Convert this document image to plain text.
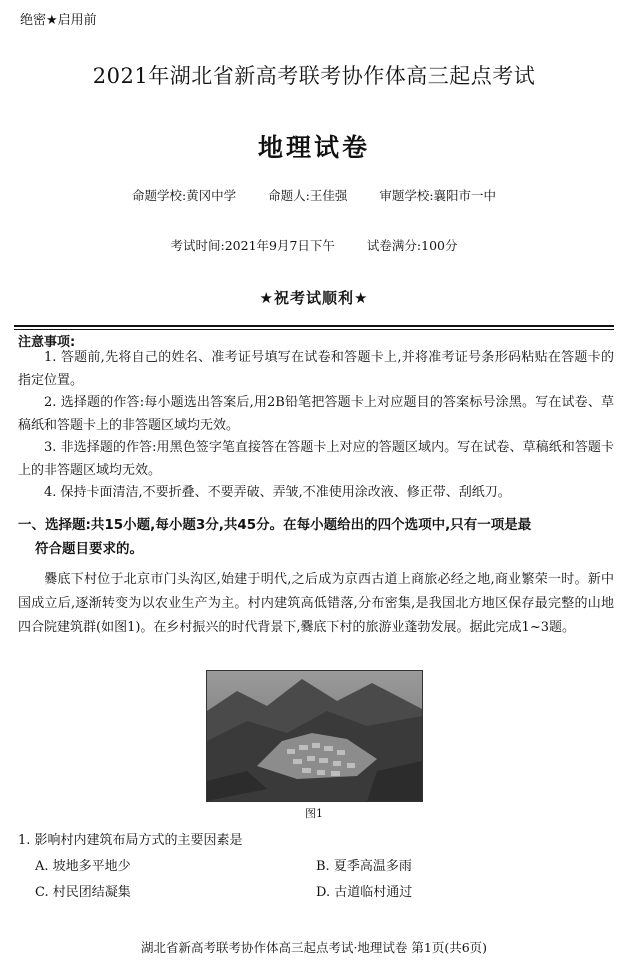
绝密★启用前
2021年湖北省新高考联考协作体高三起点考试
地理试卷
命题学校:黄冈中学	命题人:王佳强	审题学校:襄阳市一中
考试时间:2021年9月7日下午	试卷满分:100分
★祝考试顺利★
注意事项:
1. 答题前,先将自己的姓名、准考证号填写在试卷和答题卡上,并将准考证号条形码粘贴在答题卡的指定位置。
2. 选择题的作答:每小题选出答案后,用2B铅笔把答题卡上对应题目的答案标号涂黑。写在试卷、草稿纸和答题卡上的非答题区域均无效。
3. 非选择题的作答:用黑色签字笔直接答在答题卡上对应的答题区域内。写在试卷、草稿纸和答题卡上的非答题区域均无效。
4. 保持卡面清洁,不要折叠、不要弄破、弄皱,不准使用涂改液、修正带、刮纸刀。
一、选择题:共15小题,每小题3分,共45分。在每小题给出的四个选项中,只有一项是最
符合题目要求的。
爨底下村位于北京市门头沟区,始建于明代,之后成为京西古道上商旅必经之地,商业繁荣一时。新中国成立后,逐渐转变为以农业生产为主。村内建筑高低错落,分布密集,是我国北方地区保存最完整的山地四合院建筑群(如图1)。在乡村振兴的时代背景下,爨底下村的旅游业蓬勃发展。据此完成1~3题。
图1
1. 影响村内建筑布局方式的主要因素是
A. 坡地多平地少	B. 夏季高温多雨
C. 村民团结凝集	D. 古道临村通过
湖北省新高考联考协作体高三起点考试·地理试卷 第1页(共6页)
